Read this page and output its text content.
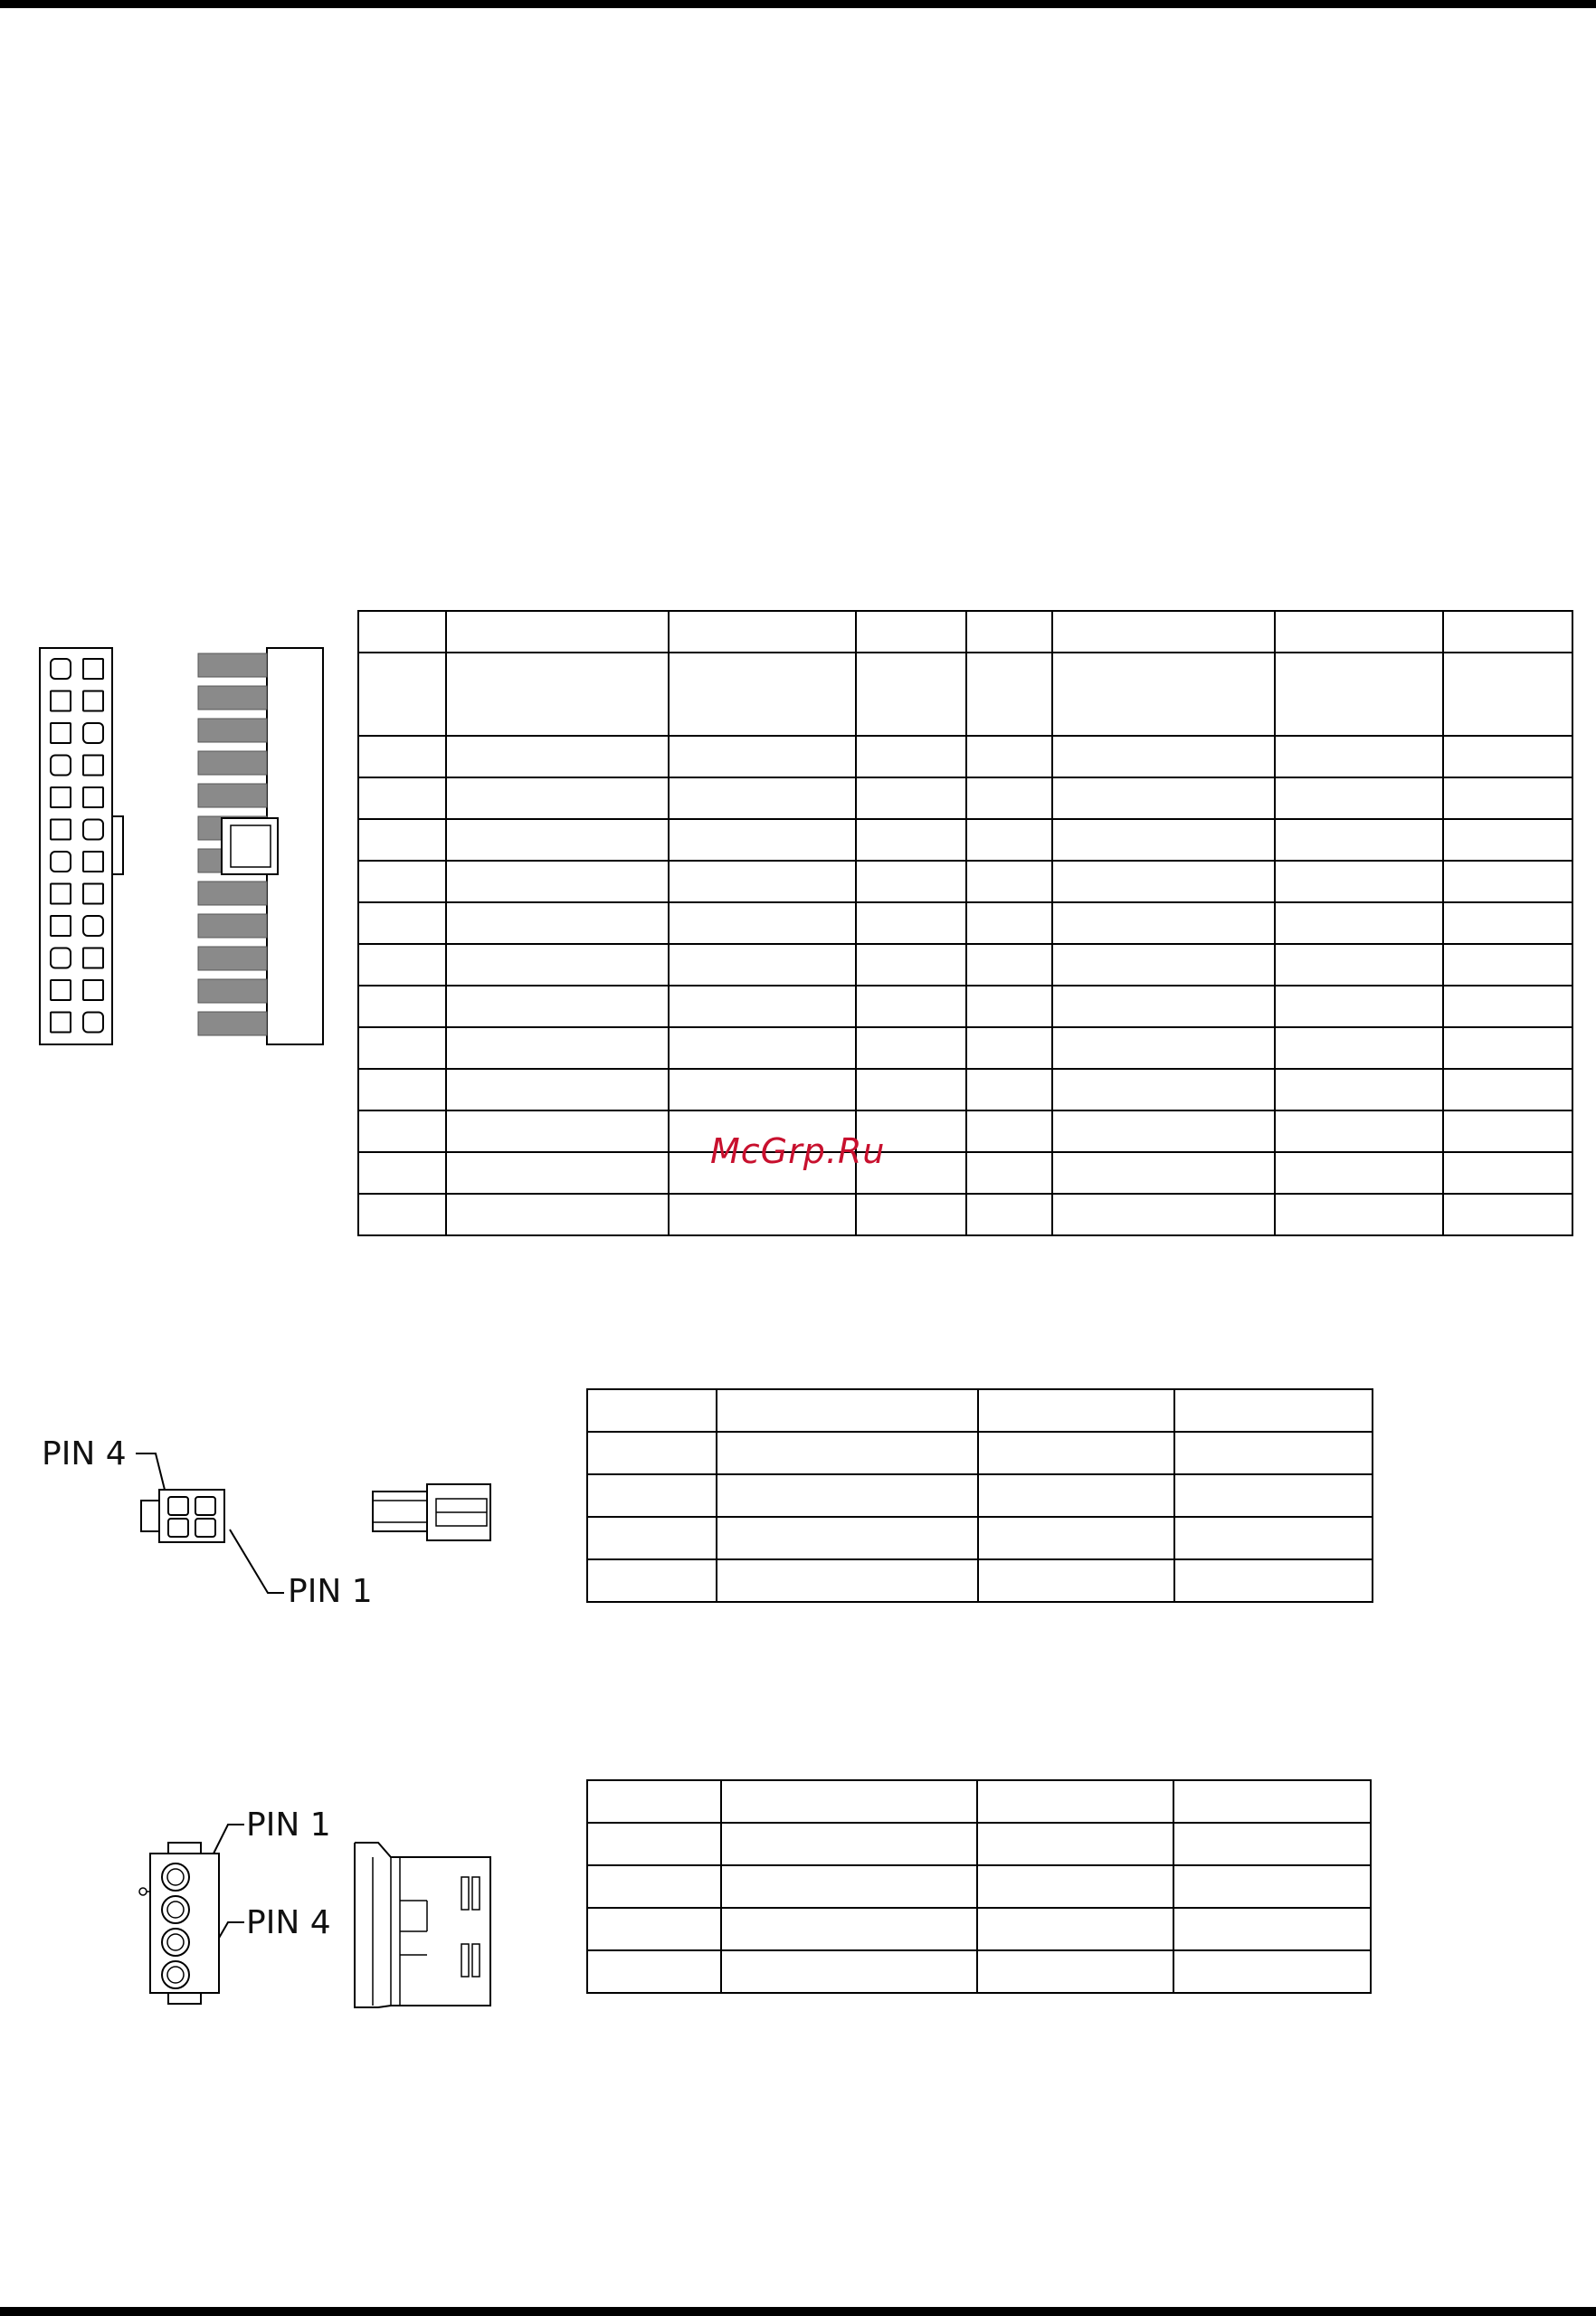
McGrp.Ru
PIN 4
PIN 1

PIN 1
PIN 4
